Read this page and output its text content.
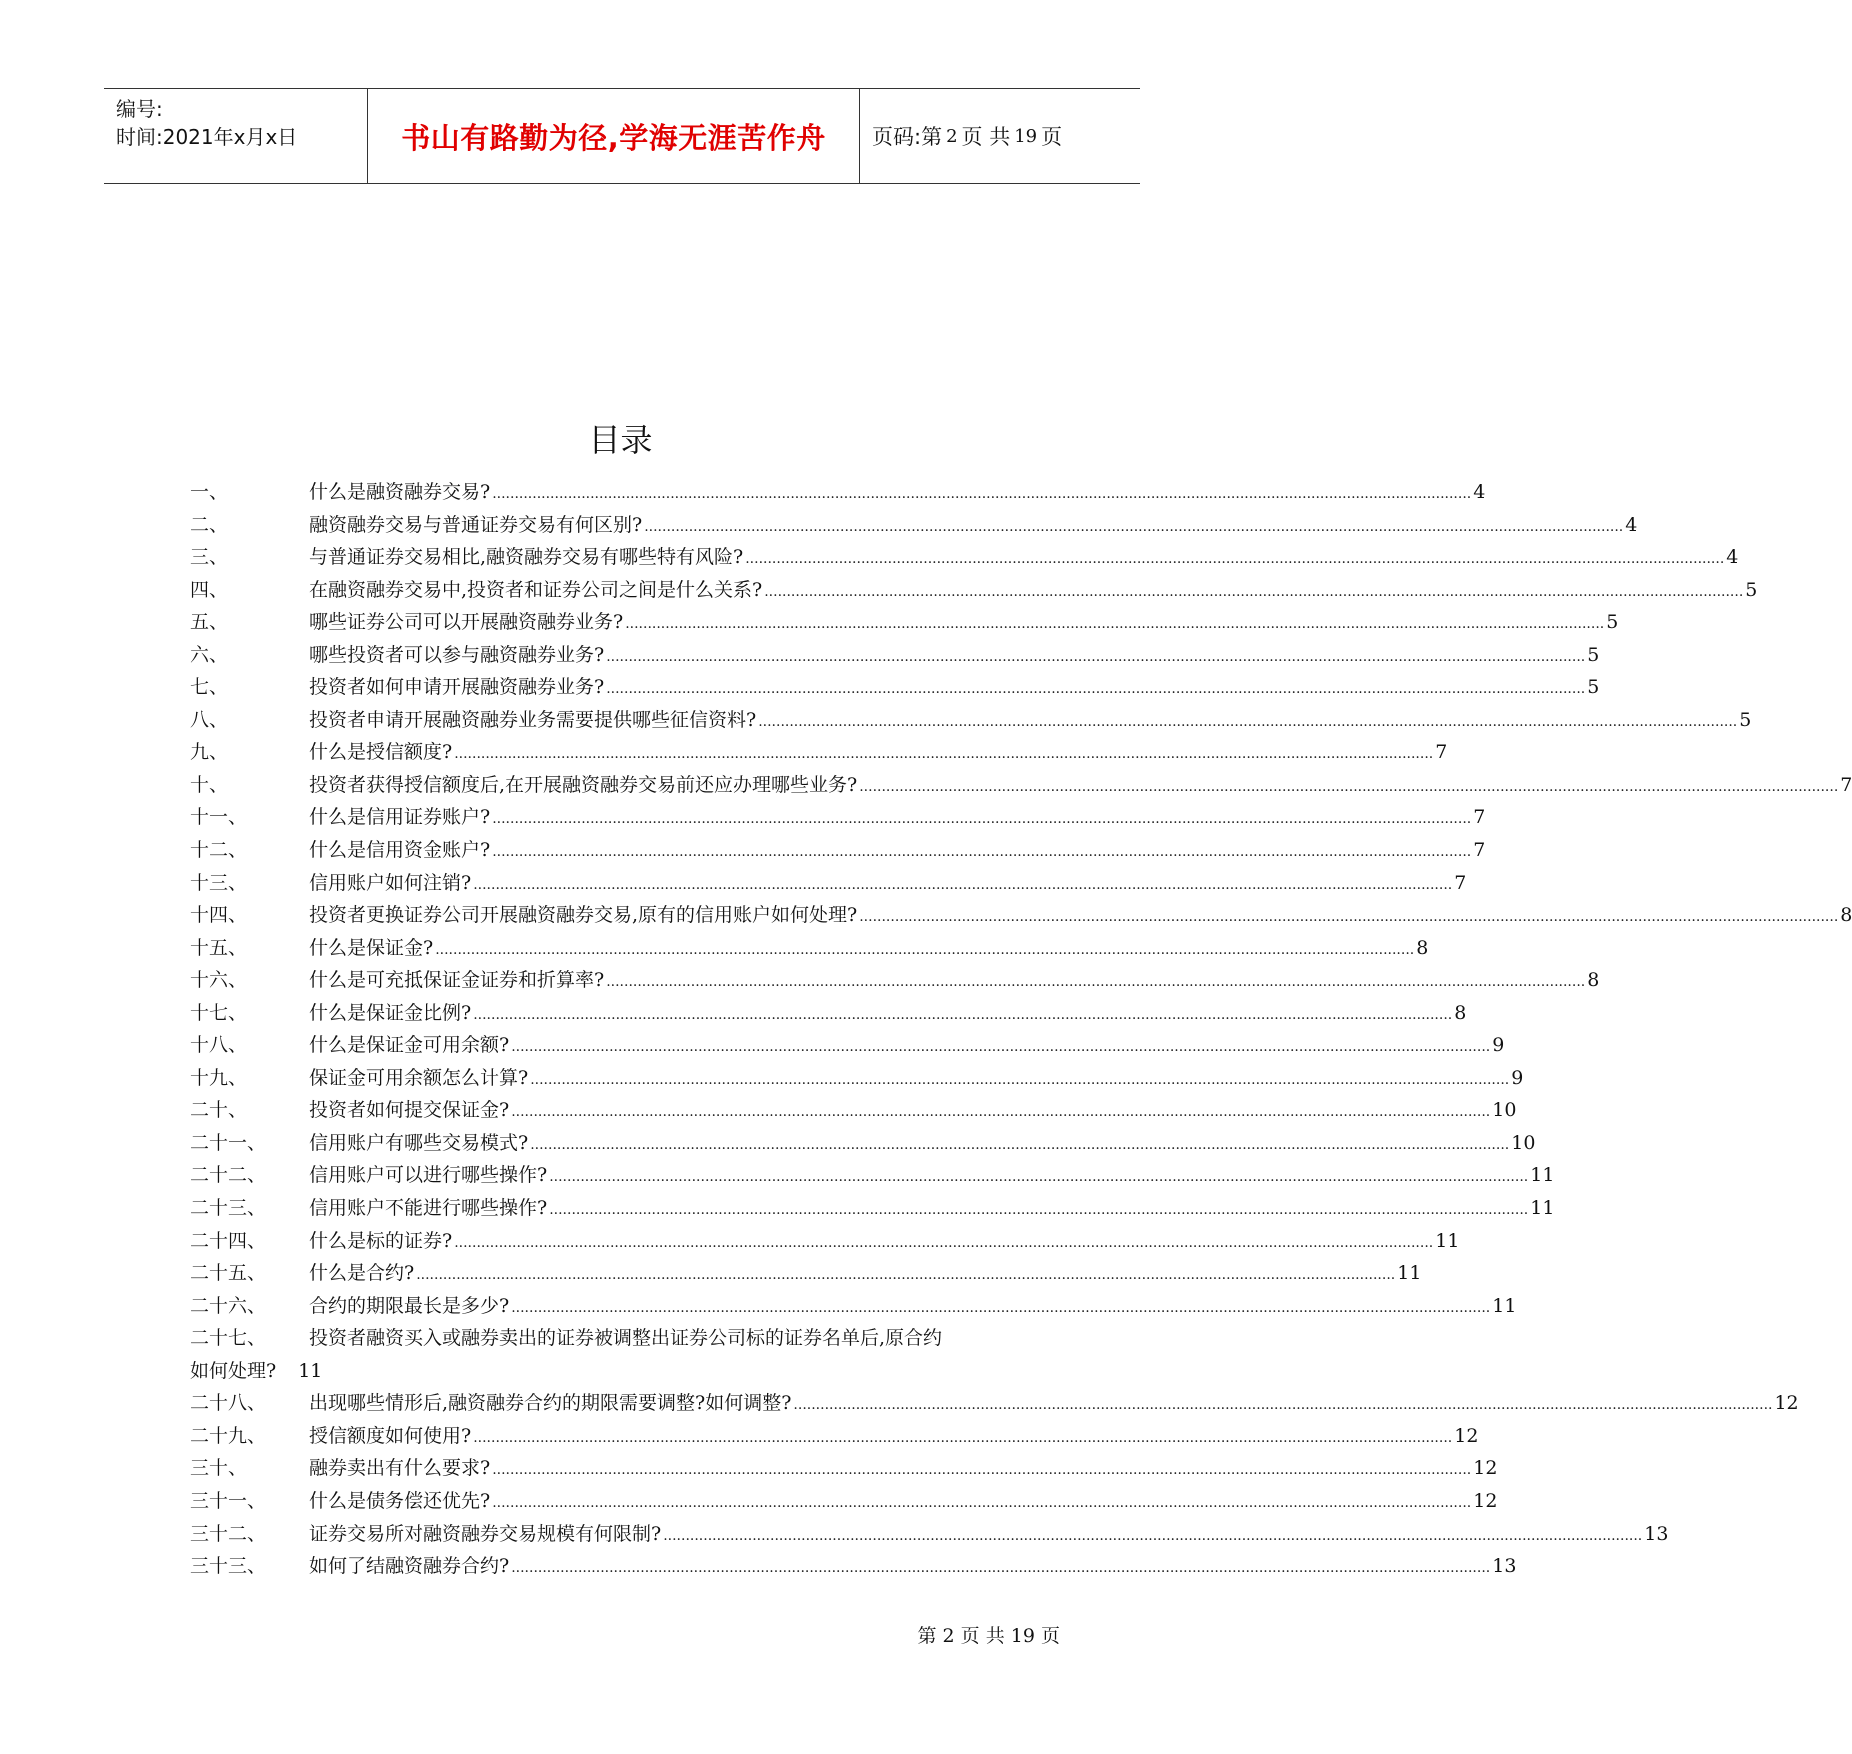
编号:
时间:2021年x月x日	书山有路勤为径,学海无涯苦作舟	页码:第 2 页 共 19 页
目录
一、	什么是融资融券交易? ............................................................................................................................................................................................................................ 4
二、	融资融券交易与普通证券交易有何区别? ............................................................................................................................................................................................................................ 4
三、	与普通证券交易相比,融资融券交易有哪些特有风险? ............................................................................................................................................................................................................................ 4
四、	在融资融券交易中,投资者和证券公司之间是什么关系? ............................................................................................................................................................................................................................ 5
五、	哪些证券公司可以开展融资融券业务? ............................................................................................................................................................................................................................ 5
六、	哪些投资者可以参与融资融券业务? ............................................................................................................................................................................................................................ 5
七、	投资者如何申请开展融资融券业务? ............................................................................................................................................................................................................................ 5
八、	投资者申请开展融资融券业务需要提供哪些征信资料? ............................................................................................................................................................................................................................ 5
九、	什么是授信额度? ............................................................................................................................................................................................................................ 7
十、	投资者获得授信额度后,在开展融资融券交易前还应办理哪些业务? ............................................................................................................................................................................................................................ 7
十一、	什么是信用证券账户? ............................................................................................................................................................................................................................ 7
十二、	什么是信用资金账户? ............................................................................................................................................................................................................................ 7
十三、	信用账户如何注销? ............................................................................................................................................................................................................................ 7
十四、	投资者更换证券公司开展融资融券交易,原有的信用账户如何处理? ............................................................................................................................................................................................................................ 8
十五、	什么是保证金? ............................................................................................................................................................................................................................ 8
十六、	什么是可充抵保证金证券和折算率? ............................................................................................................................................................................................................................ 8
十七、	什么是保证金比例? ............................................................................................................................................................................................................................ 8
十八、	什么是保证金可用余额? ............................................................................................................................................................................................................................ 9
十九、	保证金可用余额怎么计算? ............................................................................................................................................................................................................................ 9
二十、	投资者如何提交保证金? ............................................................................................................................................................................................................................ 10
二十一、 信用账户有哪些交易模式? ............................................................................................................................................................................................................................ 10
二十二、 信用账户可以进行哪些操作? ............................................................................................................................................................................................................................ 11
二十三、 信用账户不能进行哪些操作? ............................................................................................................................................................................................................................ 11
二十四、 什么是标的证券? ............................................................................................................................................................................................................................ 11
二十五、 什么是合约? ............................................................................................................................................................................................................................ 11
二十六、 合约的期限最长是多少? ............................................................................................................................................................................................................................ 11
二十七、 投资者融资买入或融券卖出的证券被调整出证券公司标的证券名单后,原合约
如何处理? 11
二十八、 出现哪些情形后,融资融券合约的期限需要调整?如何调整? ............................................................................................................................................................................................................................ 12
二十九、 授信额度如何使用? ............................................................................................................................................................................................................................ 12
三十、	融券卖出有什么要求? ............................................................................................................................................................................................................................ 12
三十一、 什么是债务偿还优先? ............................................................................................................................................................................................................................ 12
三十二、 证券交易所对融资融券交易规模有何限制? ............................................................................................................................................................................................................................ 13
三十三、 如何了结融资融券合约? ............................................................................................................................................................................................................................ 13
第 2 页 共 19 页
